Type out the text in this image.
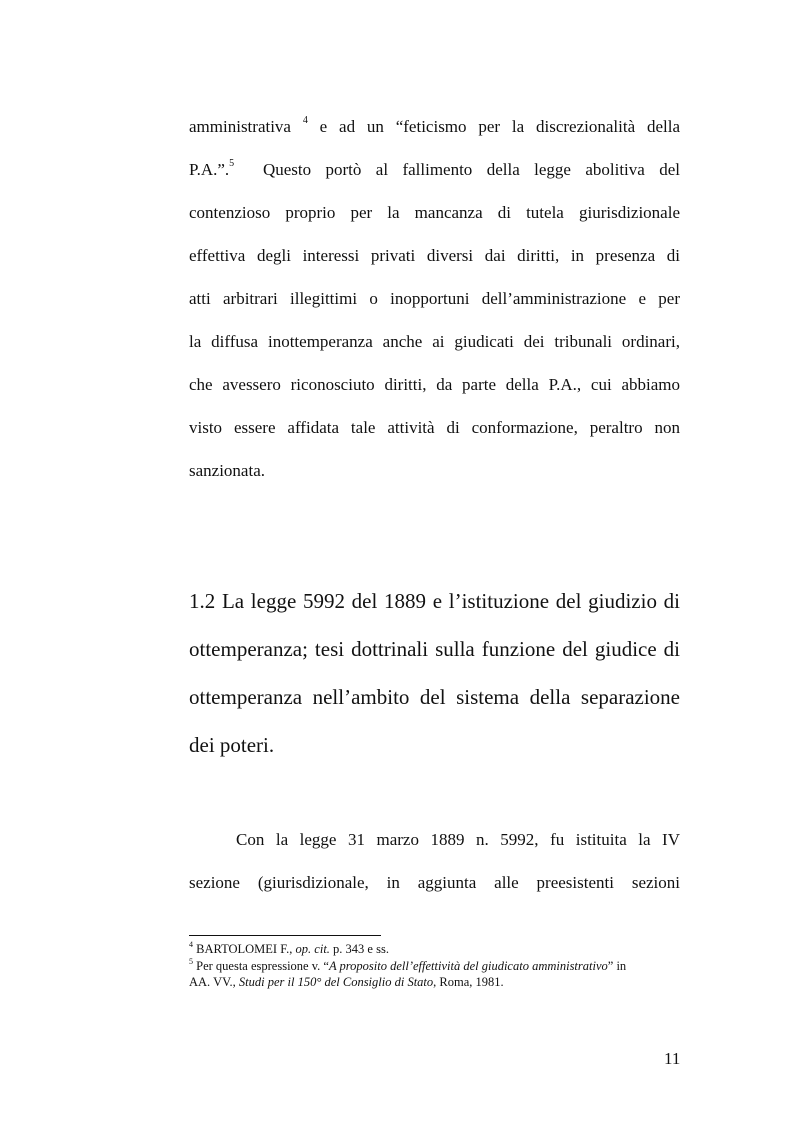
amministrativa $^4$ e ad un “feticismo per la discrezionalità della
P.A.”.$^5$  Questo portò al fallimento della legge abolitiva del
contenzioso proprio per la mancanza di tutela giurisdizionale
effettiva degli interessi privati diversi dai diritti, in presenza di
atti arbitrari illegittimi o inopportuni dell’amministrazione e per
la diffusa inottemperanza anche ai giudicati dei tribunali ordinari,
che avessero riconosciuto diritti, da parte della P.A., cui abbiamo
visto essere affidata tale attività di conformazione, peraltro non
sanzionata.
1.2 La legge 5992 del 1889 e l’istituzione del giudizio di
ottemperanza; tesi dottrinali sulla funzione del giudice di
ottemperanza nell’ambito del sistema della separazione
dei poteri.
Con la legge 31 marzo 1889 n. 5992, fu istituita la IV
sezione (giurisdizionale, in aggiunta alle preesistenti sezioni
$^4$ BARTOLOMEI F., op. cit. p. 343 e ss.
$^5$ Per questa espressione v. “A proposito dell’effettività del giudicato amministrativo” in
AA. VV., Studi per il 150° del Consiglio di Stato, Roma, 1981.
11
